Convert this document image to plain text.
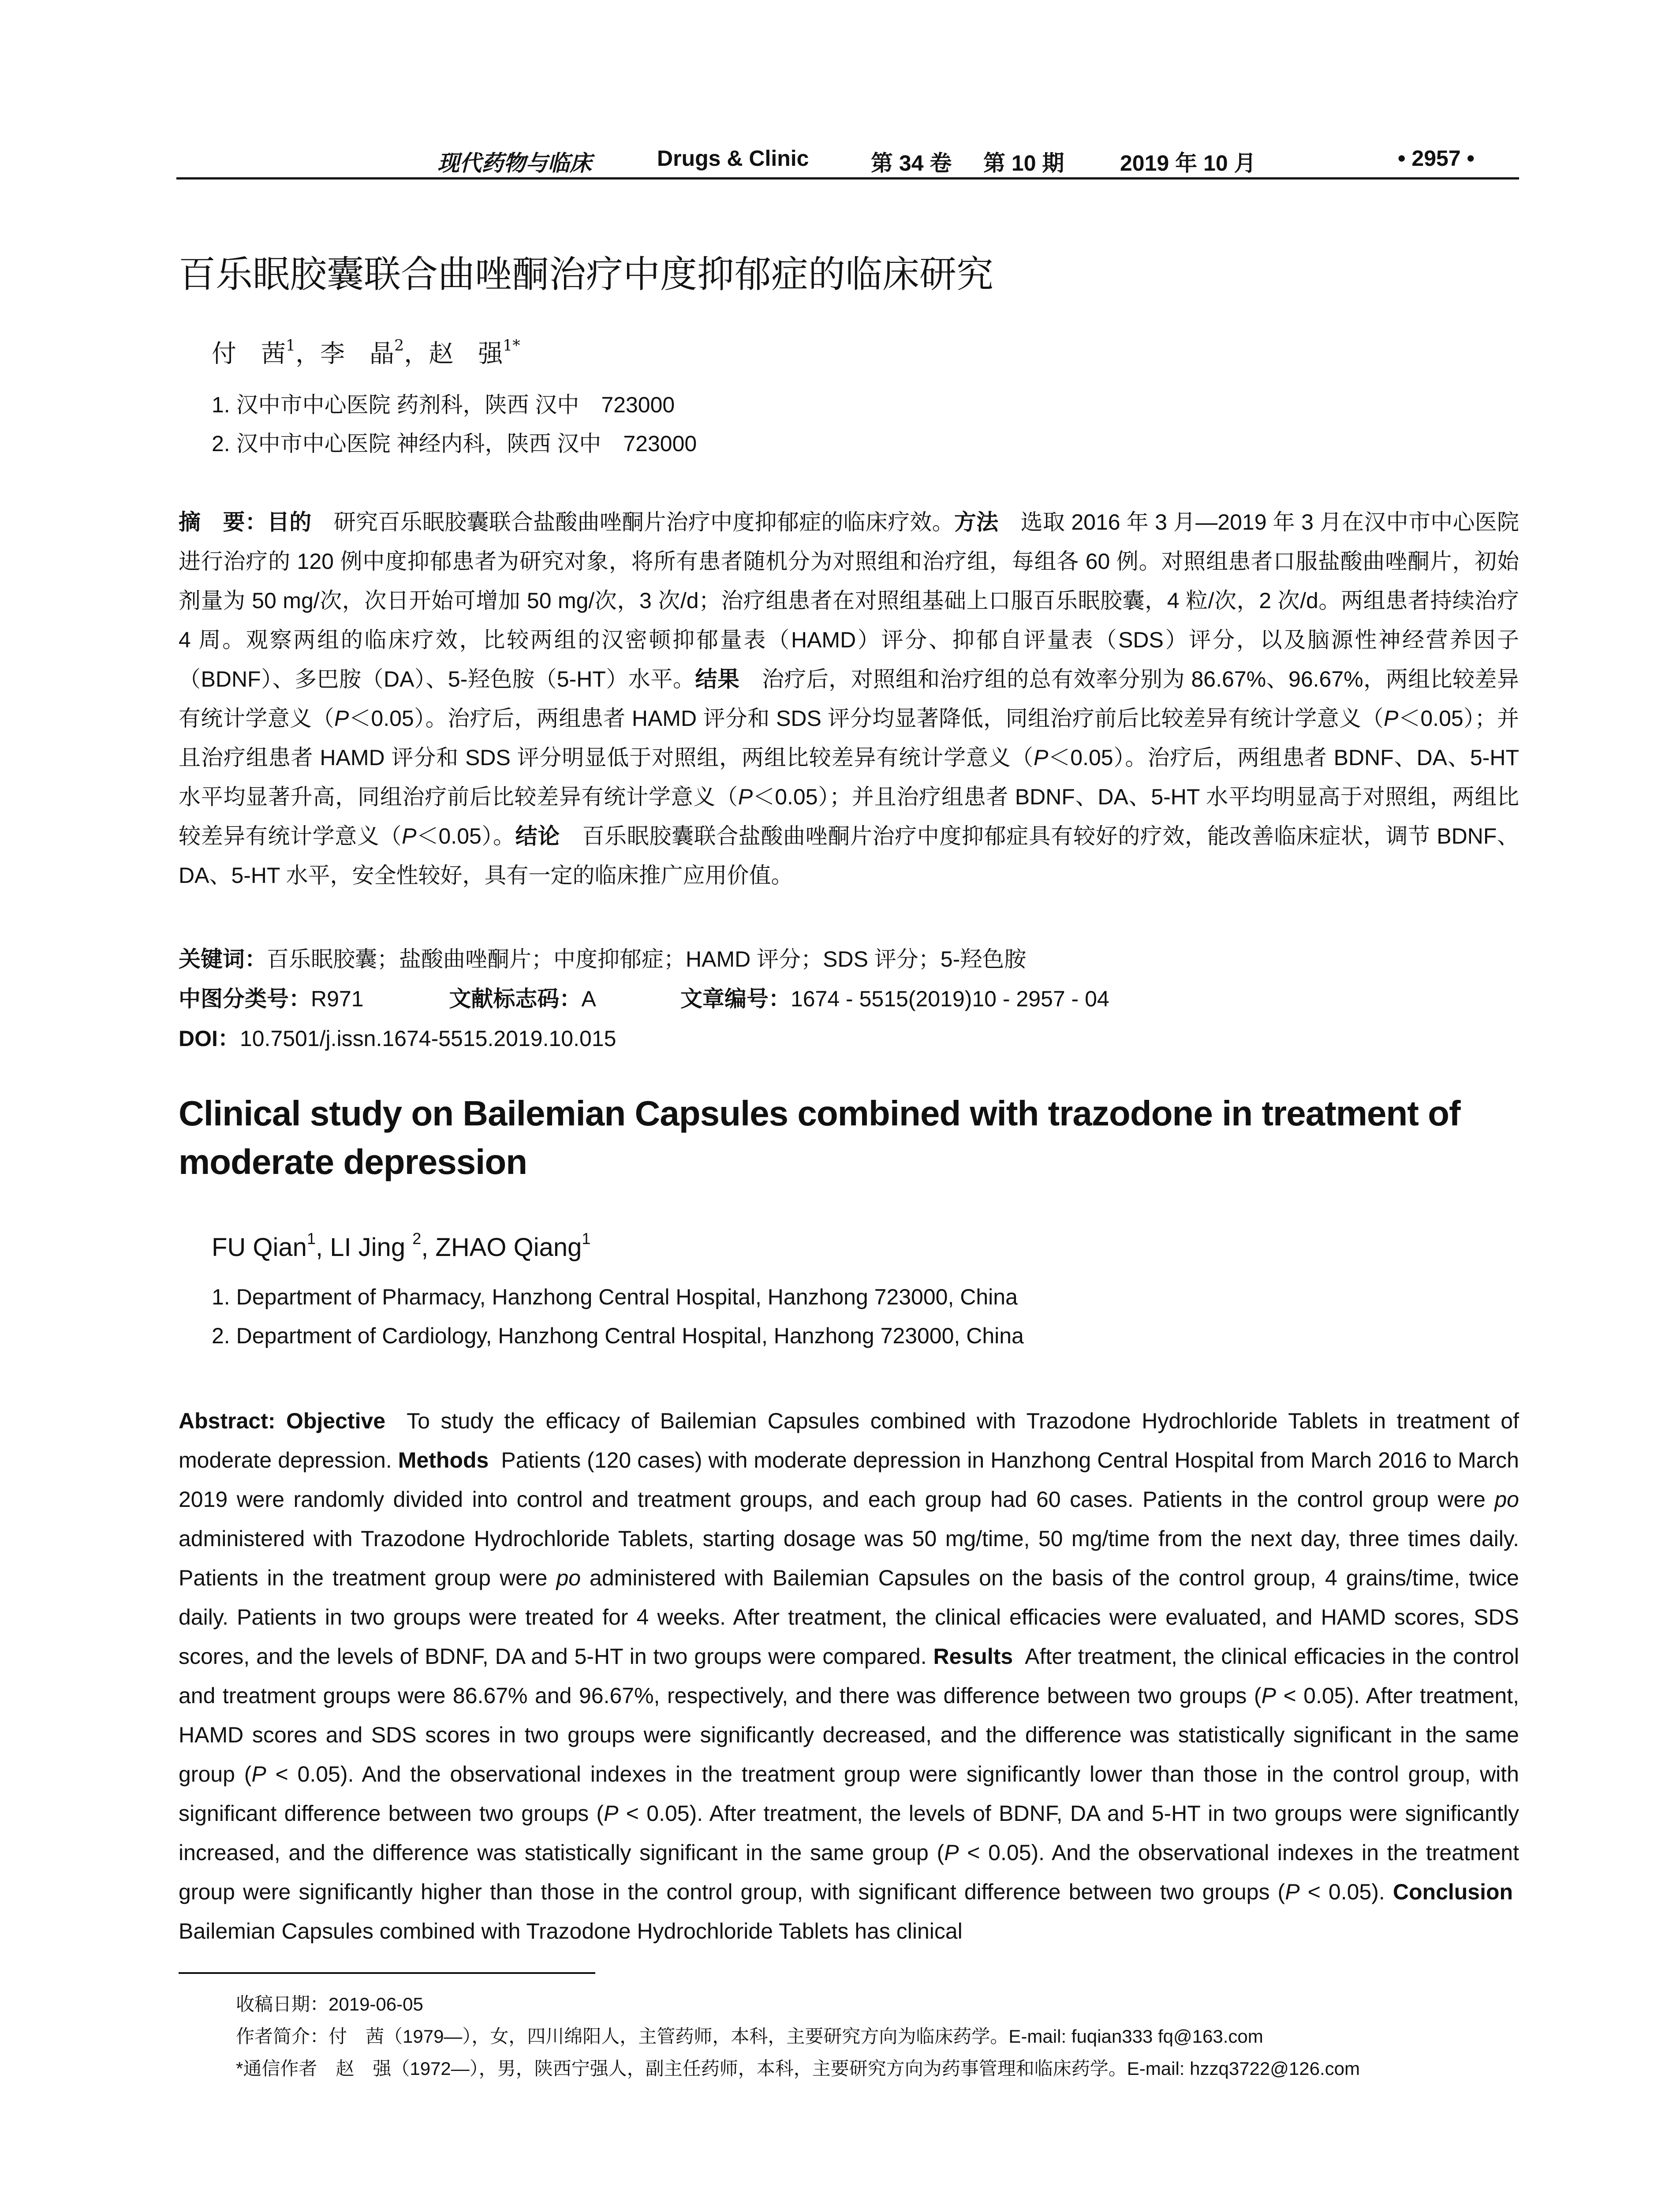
现代药物与临床	Drugs & Clinic	第 34 卷 第 10 期	2019 年 10 月	• 2957 •
百乐眠胶囊联合曲唑酮治疗中度抑郁症的临床研究
付　茜$^1$，李　晶$^2$，赵　强$^{1*}$
1. 汉中市中心医院 药剂科，陕西 汉中　723000
2. 汉中市中心医院 神经内科，陕西 汉中　723000
摘　要：目的　 研究百乐眠胶囊联合盐酸曲唑酮片治疗中度抑郁症的临床疗效。方法　 选取 2016 年 3 月—2019 年 3 月在汉中市中心医院进行治疗的 120 例中度抑郁患者为研究对象，将所有患者随机分为对照组和治疗组，每组各 60 例。对照组患者口服盐酸曲唑酮片，初始剂量为 50 mg/次，次日开始可增加 50 mg/次，3 次/d；治疗组患者在对照组基础上口服百乐眠胶囊，4 粒/次，2 次/d。两组患者持续治疗 4 周。观察两组的临床疗效，比较两组的汉密顿抑郁量表（HAMD）评分、抑郁自评量表（SDS）评分，以及脑源性神经营养因子（BDNF）、多巴胺（DA）、5-羟色胺（5-HT）水平。结果　 治疗后，对照组和治疗组的总有效率分别为 86.67%、96.67%，两组比较差异有统计学意义（P＜0.05）。治疗后，两组患者 HAMD 评分和 SDS 评分均显著降低，同组治疗前后比较差异有统计学意义（P＜0.05）；并且治疗组患者 HAMD 评分和 SDS 评分明显低于对照组，两组比较差异有统计学意义（P＜0.05）。治疗后，两组患者 BDNF、DA、5-HT 水平均显著升高，同组治疗前后比较差异有统计学意义（P＜0.05）；并且治疗组患者 BDNF、DA、5-HT 水平均明显高于对照组，两组比较差异有统计学意义（P＜0.05）。结论　 百乐眠胶囊联合盐酸曲唑酮片治疗中度抑郁症具有较好的疗效，能改善临床症状，调节 BDNF、DA、5-HT 水平，安全性较好，具有一定的临床推广应用价值。
关键词：百乐眠胶囊；盐酸曲唑酮片；中度抑郁症；HAMD 评分；SDS 评分；5-羟色胺
中图分类号：R971	文献标志码：A	文章编号：1674 - 5515(2019)10 - 2957 - 04
DOI：10.7501/j.issn.1674-5515.2019.10.015
Clinical study on Bailemian Capsules combined with trazodone in treatment of moderate depression
FU Qian$^1$, LI Jing $^2$, ZHAO Qiang$^1$
1. Department of Pharmacy, Hanzhong Central Hospital, Hanzhong 723000, China
2. Department of Cardiology, Hanzhong Central Hospital, Hanzhong 723000, China
Abstract: Objective To study the efficacy of Bailemian Capsules combined with Trazodone Hydrochloride Tablets in treatment of moderate depression. Methods Patients (120 cases) with moderate depression in Hanzhong Central Hospital from March 2016 to March 2019 were randomly divided into control and treatment groups, and each group had 60 cases. Patients in the control group were po administered with Trazodone Hydrochloride Tablets, starting dosage was 50 mg/time, 50 mg/time from the next day, three times daily. Patients in the treatment group were po administered with Bailemian Capsules on the basis of the control group, 4 grains/time, twice daily. Patients in two groups were treated for 4 weeks. After treatment, the clinical efficacies were evaluated, and HAMD scores, SDS scores, and the levels of BDNF, DA and 5-HT in two groups were compared. Results After treatment, the clinical efficacies in the control and treatment groups were 86.67% and 96.67%, respectively, and there was difference between two groups (P < 0.05). After treatment, HAMD scores and SDS scores in two groups were significantly decreased, and the difference was statistically significant in the same group (P < 0.05). And the observational indexes in the treatment group were significantly lower than those in the control group, with significant difference between two groups (P < 0.05). After treatment, the levels of BDNF, DA and 5-HT in two groups were significantly increased, and the difference was statistically significant in the same group (P < 0.05). And the observational indexes in the treatment group were significantly higher than those in the control group, with significant difference between two groups (P < 0.05). Conclusion  Bailemian Capsules combined with Trazodone Hydrochloride Tablets has clinical
收稿日期：2019-06-05
作者简介：付　茜（1979—），女，四川绵阳人，主管药师，本科，主要研究方向为临床药学。E-mail: fuqian333 fq@163.com
*通信作者　赵　强（1972—），男，陕西宁强人，副主任药师，本科，主要研究方向为药事管理和临床药学。E-mail: hzzq3722@126.com
